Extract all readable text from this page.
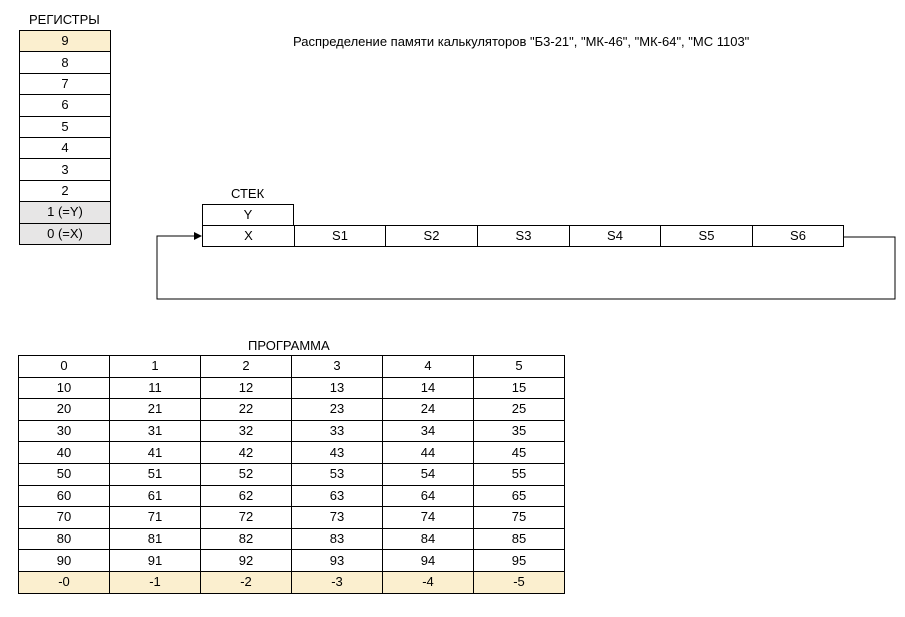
Распределение памяти калькуляторов "Б3-21", "МК-46", "МК-64", "МС 1103"
РЕГИСТРЫ
9
8
7
6
5
4
3
2
1 (=Y)
0 (=X)
СТЕК
Y
X	S1	S2	S3	S4	S5	S6
ПРОГРАММА
0	1	2	3	4	5
10	11	12	13	14	15
20	21	22	23	24	25
30	31	32	33	34	35
40	41	42	43	44	45
50	51	52	53	54	55
60	61	62	63	64	65
70	71	72	73	74	75
80	81	82	83	84	85
90	91	92	93	94	95
-0	-1	-2	-3	-4	-5
